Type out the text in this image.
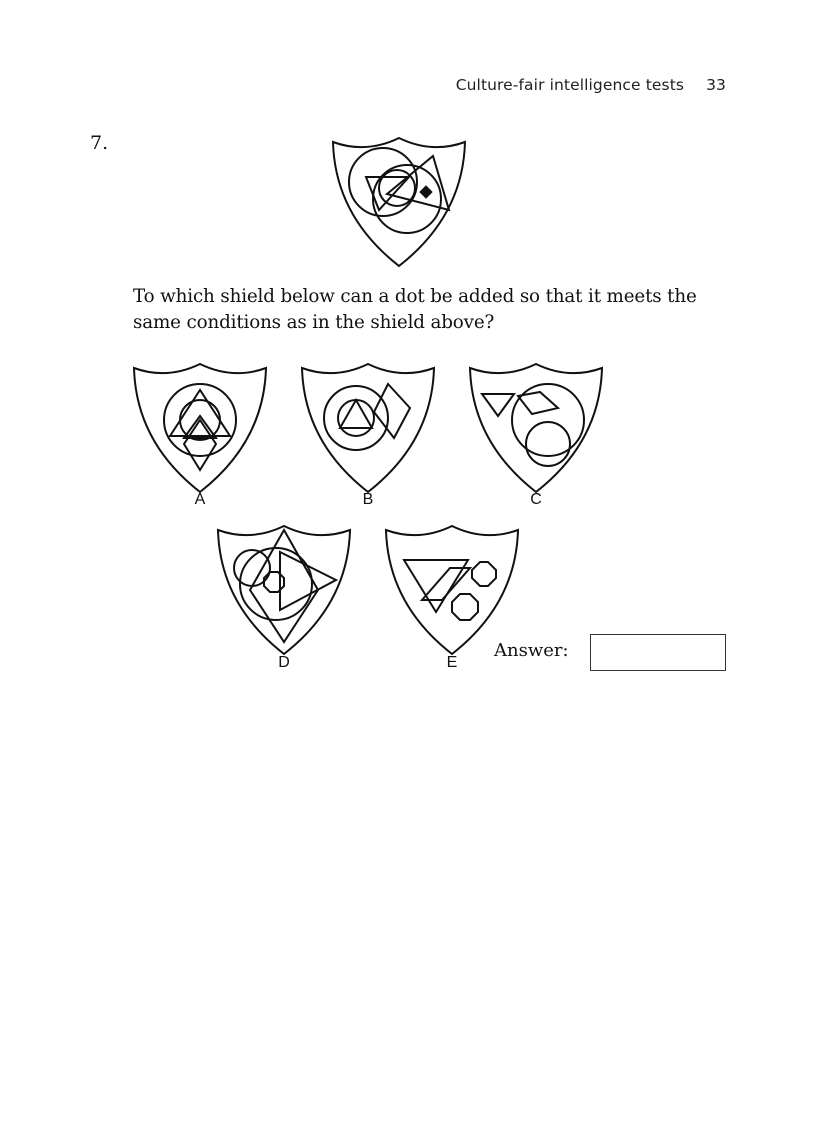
Culture-fair intelligence tests 33
7.
To which shield below can a dot be added so that it meets the same conditions as in the shield above?
A	B	C
D	E
Answer:
